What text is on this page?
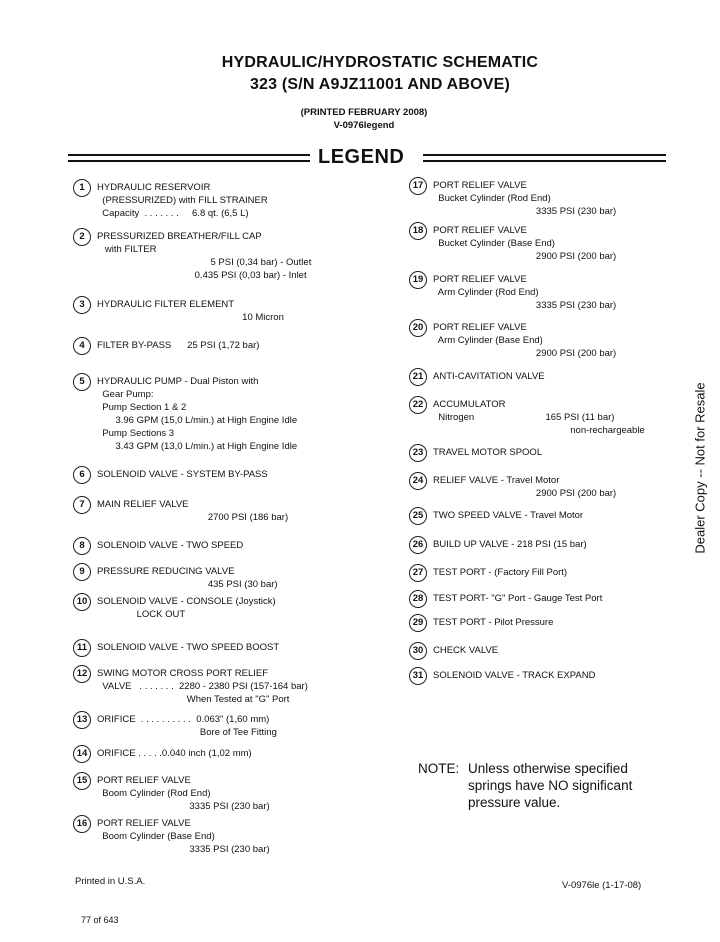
HYDRAULIC/HYDROSTATIC SCHEMATIC
323 (S/N A9JZ11001 AND ABOVE)
(PRINTED FEBRUARY 2008)
V-0976legend
LEGEND
1	HYDRAULIC RESERVOIR
(PRESSURIZED) with FILL STRAINER
Capacity  . . . . . . .     6.8 qt. (6,5 L)
2	PRESSURIZED BREATHER/FILL CAP
with FILTER
5 PSI (0,34 bar) - Outlet
0.435 PSI (0,03 bar) - Inlet
3	HYDRAULIC FILTER ELEMENT
10 Micron
4	FILTER BY-PASS      25 PSI (1,72 bar)
5	HYDRAULIC PUMP - Dual Piston with
Gear Pump:
Pump Section 1 & 2
3.96 GPM (15,0 L/min.) at High Engine Idle
Pump Sections 3
3.43 GPM (13,0 L/min.) at High Engine Idle
6	SOLENOID VALVE - SYSTEM BY-PASS
7	MAIN RELIEF VALVE
2700 PSI (186 bar)
8	SOLENOID VALVE - TWO SPEED
9	PRESSURE REDUCING VALVE
435 PSI (30 bar)
10	SOLENOID VALVE - CONSOLE (Joystick)
LOCK OUT
11	SOLENOID VALVE - TWO SPEED BOOST
12	SWING MOTOR CROSS PORT RELIEF
VALVE   . . . . . . .  2280 - 2380 PSI (157-164 bar)
When Tested at "G" Port
13	ORIFICE  . . . . . . . . . .  0.063" (1,60 mm)
Bore of Tee Fitting
14	ORIFICE . . . . .0.040 inch (1,02 mm)
15	PORT RELIEF VALVE
Boom Cylinder (Rod End)
3335 PSI (230 bar)
16	PORT RELIEF VALVE
Boom Cylinder (Base End)
3335 PSI (230 bar)
17	PORT RELIEF VALVE
Bucket Cylinder (Rod End)
3335 PSI (230 bar)
18	PORT RELIEF VALVE
Bucket Cylinder (Base End)
2900 PSI (200 bar)
19	PORT RELIEF VALVE
Arm Cylinder (Rod End)
3335 PSI (230 bar)
20	PORT RELIEF VALVE
Arm Cylinder (Base End)
2900 PSI (200 bar)
21	ANTI-CAVITATION VALVE
22	ACCUMULATOR
Nitrogen                           165 PSI (11 bar)
non-rechargeable
23	TRAVEL MOTOR SPOOL
24	RELIEF VALVE - Travel Motor
2900 PSI (200 bar)
25	TWO SPEED VALVE - Travel Motor
26	BUILD UP VALVE - 218 PSI (15 bar)
27	TEST PORT - (Factory Fill Port)
28	TEST PORT- "G" Port - Gauge Test Port
29	TEST PORT - Pilot Pressure
30	CHECK VALVE
31	SOLENOID VALVE - TRACK EXPAND
NOTE: Unless otherwise specified
springs have NO significant
pressure value.
Printed in U.S.A.	V-0976le (1-17-08)
77 of 643
Dealer Copy -- Not for Resale
